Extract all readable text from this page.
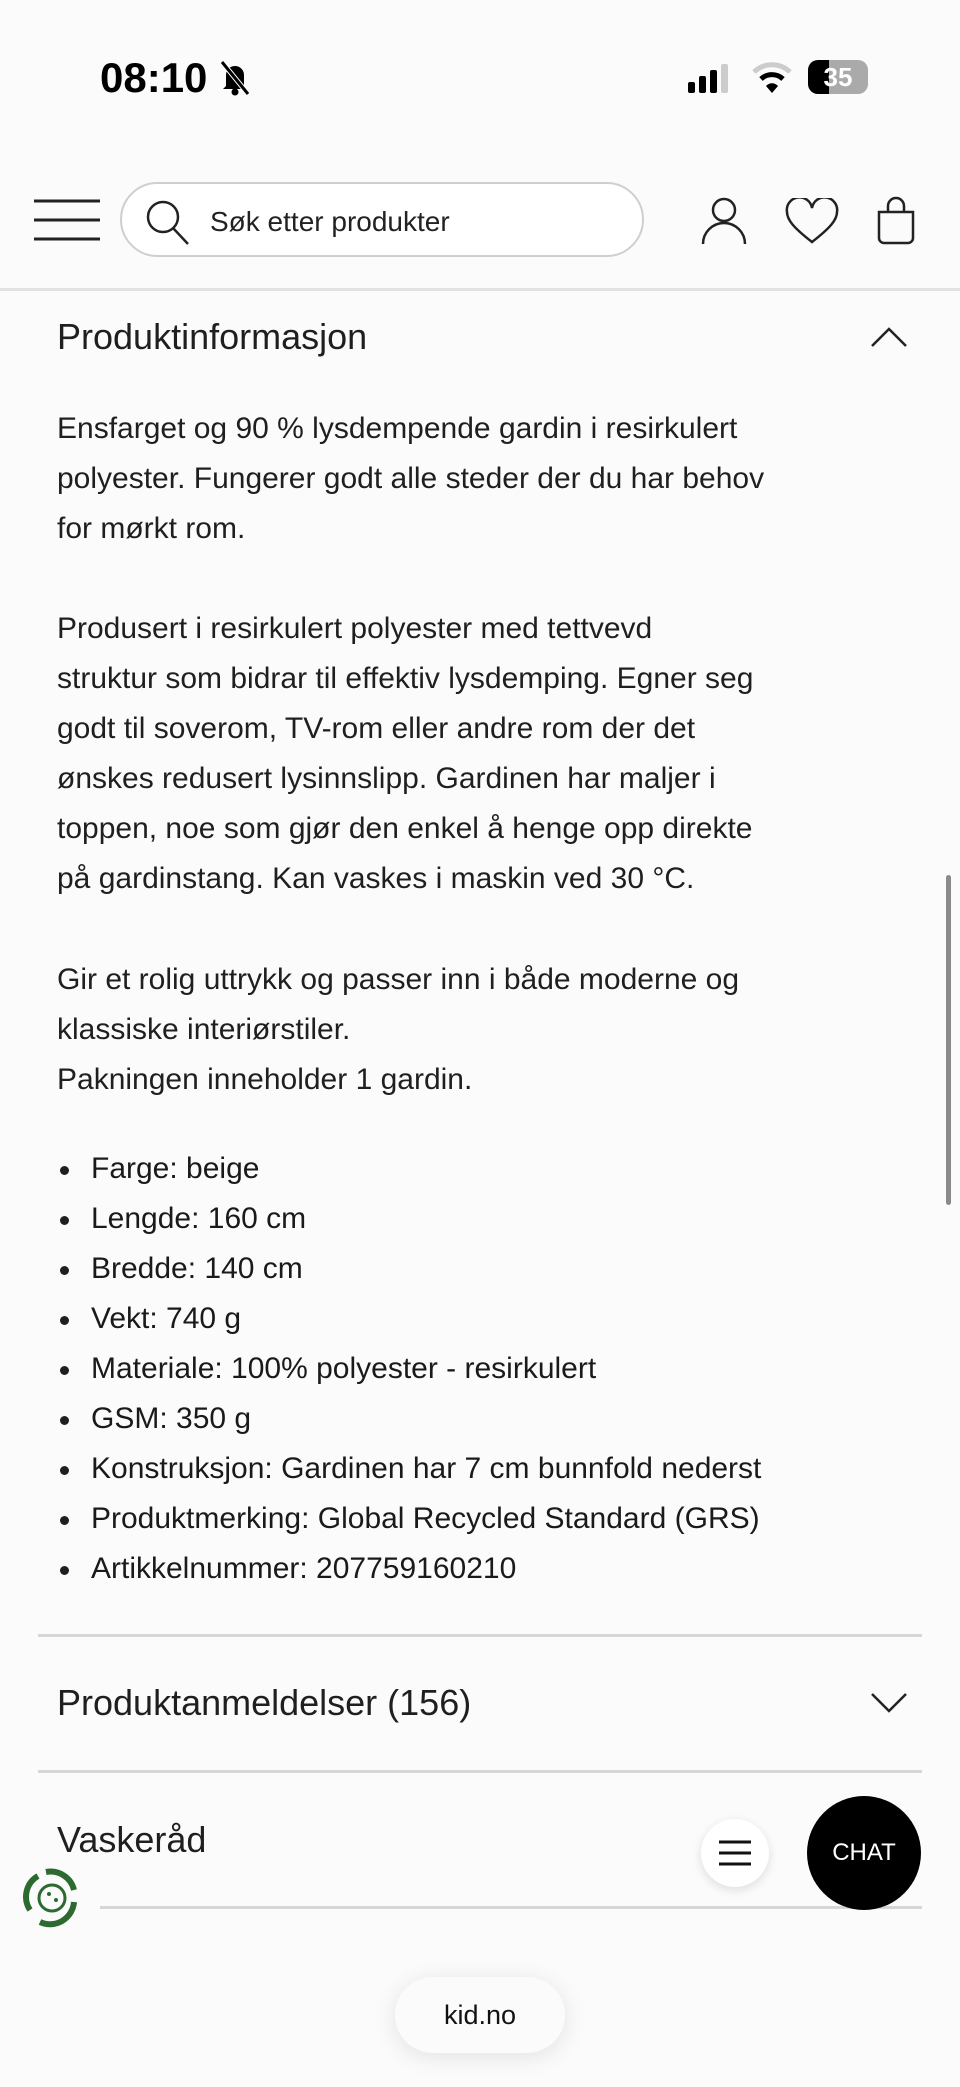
08:10	35
Søk etter produkter
Produktinformasjon
Ensfarget og 90 % lysdempende gardin i resirkulert
polyester. Fungerer godt alle steder der du har behov
for mørkt rom.
Produsert i resirkulert polyester med tettvevd
struktur som bidrar til effektiv lysdemping. Egner seg
godt til soverom, TV-rom eller andre rom der det
ønskes redusert lysinnslipp. Gardinen har maljer i
toppen, noe som gjør den enkel å henge opp direkte
på gardinstang. Kan vaskes i maskin ved 30 °C.
Gir et rolig uttrykk og passer inn i både moderne og
klassiske interiørstiler.
Pakningen inneholder 1 gardin.
Farge: beige
Lengde: 160 cm
Bredde: 140 cm
Vekt: 740 g
Materiale: 100% polyester - resirkulert
GSM: 350 g
Konstruksjon: Gardinen har 7 cm bunnfold nederst
Produktmerking: Global Recycled Standard (GRS)
Artikkelnummer: 207759160210
Produktanmeldelser (156)
Vaskeråd	CHAT
kid.no
